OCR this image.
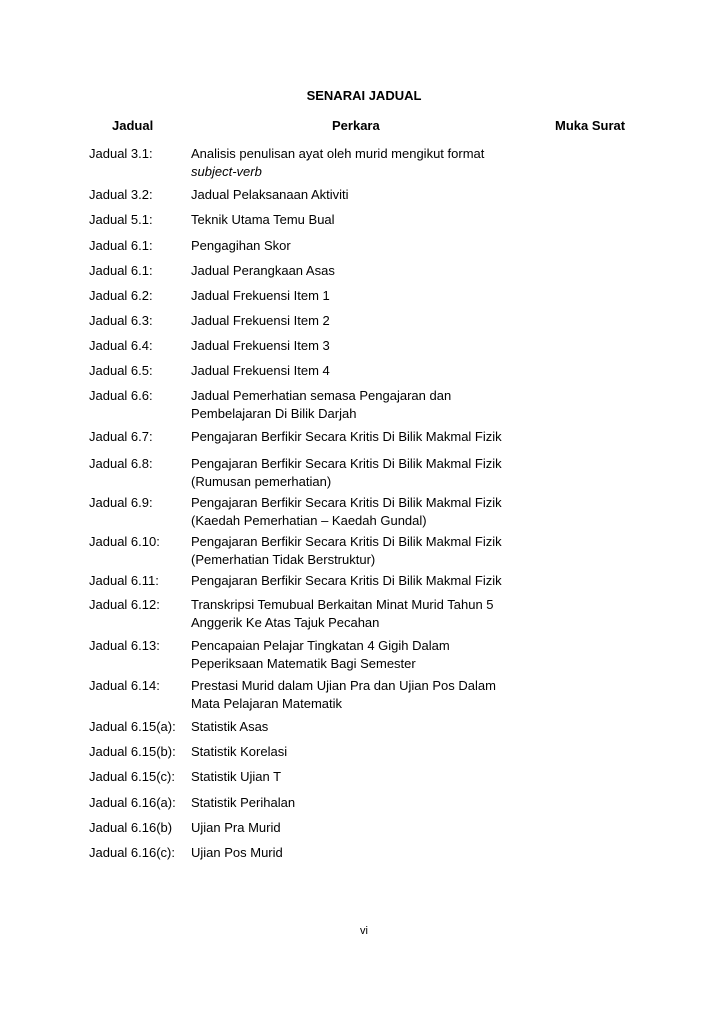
SENARAI JADUAL
Jadual	Perkara	Muka Surat
Jadual 3.1:	Analisis penulisan ayat oleh murid mengikut format
subject-verb
Jadual 3.2:	Jadual Pelaksanaan Aktiviti
Jadual 5.1:	Teknik Utama Temu Bual
Jadual 6.1:	Pengagihan Skor
Jadual 6.1:	Jadual Perangkaan Asas
Jadual 6.2:	Jadual Frekuensi Item 1
Jadual 6.3:	Jadual Frekuensi Item 2
Jadual 6.4:	Jadual Frekuensi Item 3
Jadual 6.5:	Jadual Frekuensi Item 4
Jadual 6.6:	Jadual Pemerhatian semasa Pengajaran dan
Pembelajaran Di Bilik Darjah
Jadual 6.7:	Pengajaran Berfikir Secara Kritis Di Bilik Makmal Fizik
Jadual 6.8:	Pengajaran Berfikir Secara Kritis Di Bilik Makmal Fizik
(Rumusan pemerhatian)
Jadual 6.9:	Pengajaran Berfikir Secara Kritis Di Bilik Makmal Fizik
(Kaedah Pemerhatian – Kaedah Gundal)
Jadual 6.10: Pengajaran Berfikir Secara Kritis Di Bilik Makmal Fizik
(Pemerhatian Tidak Berstruktur)
Jadual 6.11: Pengajaran Berfikir Secara Kritis Di Bilik Makmal Fizik
Jadual 6.12: Transkripsi Temubual Berkaitan Minat Murid Tahun 5
Anggerik Ke Atas Tajuk Pecahan
Jadual 6.13: Pencapaian Pelajar Tingkatan 4 Gigih Dalam
Peperiksaan Matematik Bagi Semester
Jadual 6.14: Prestasi Murid dalam Ujian Pra dan Ujian Pos Dalam
Mata Pelajaran Matematik
Jadual 6.15(a): Statistik Asas
Jadual 6.15(b): Statistik Korelasi
Jadual 6.15(c): Statistik Ujian T
Jadual 6.16(a): Statistik Perihalan
Jadual 6.16(b) Ujian Pra Murid
Jadual 6.16(c): Ujian Pos Murid
vi
